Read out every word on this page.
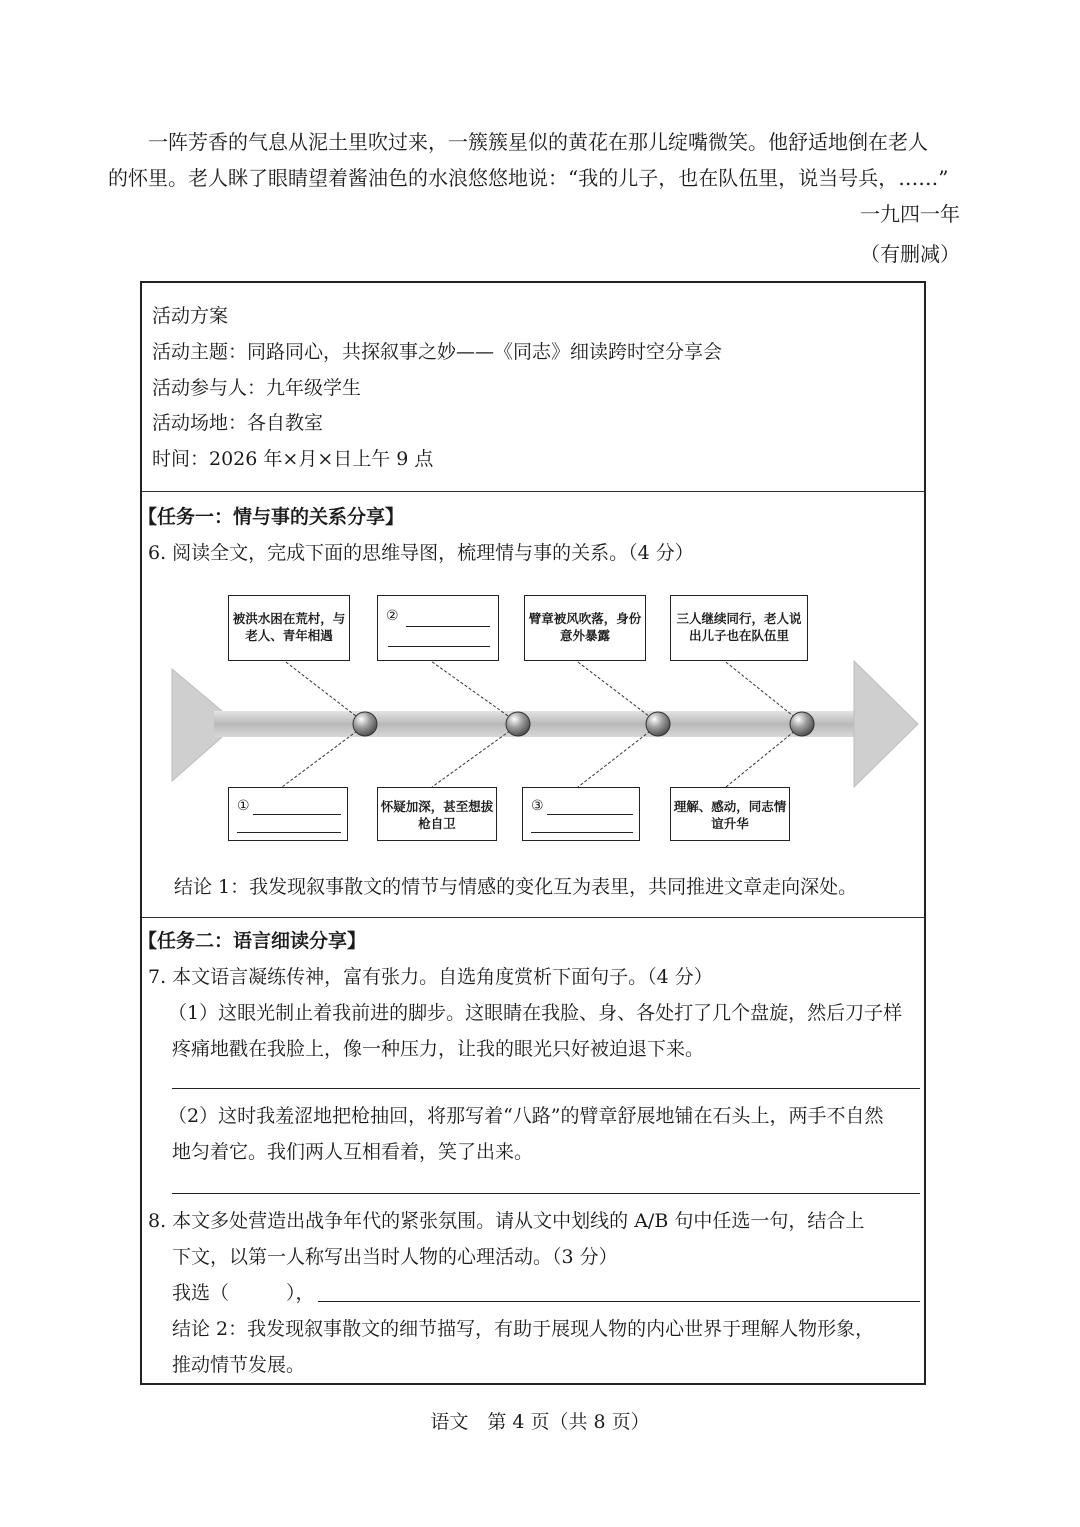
一阵芳香的气息从泥土里吹过来，一簇簇星似的黄花在那儿绽嘴微笑。他舒适地倒在老人
的怀里。老人眯了眼睛望着酱油色的水浪悠悠地说：“我的儿子，也在队伍里，说当号兵，……”
一九四一年
（有删减）
活动方案
活动主题：同路同心，共探叙事之妙——《同志》细读跨时空分享会
活动参与人：九年级学生
活动场地：各自教室
时间：2026 年×月×日上午 9 点
【任务一：情与事的关系分享】
6. 阅读全文，完成下面的思维导图，梳理情与事的关系。（4 分）
被洪水困在荒村，与老人、青年相遇
②	臂章被风吹落，身份意外暴露
三人继续同行，老人说出儿子也在队伍里
①	怀疑加深，甚至想拔枪自卫
③	理解、感动，同志情谊升华
结论 1：我发现叙事散文的情节与情感的变化互为表里，共同推进文章走向深处。
【任务二：语言细读分享】
7. 本文语言凝练传神，富有张力。自选角度赏析下面句子。（4 分）
（1）这眼光制止着我前进的脚步。这眼睛在我脸、身、各处打了几个盘旋，然后刀子样
疼痛地戳在我脸上，像一种压力，让我的眼光只好被迫退下来。
（2）这时我羞涩地把枪抽回，将那写着“八路”的臂章舒展地铺在石头上，两手不自然
地匀着它。我们两人互相看着，笑了出来。
8. 本文多处营造出战争年代的紧张氛围。请从文中划线的 A/B 句中任选一句，结合上
下文，以第一人称写出当时人物的心理活动。（3 分）
我选（　　　），
结论 2：我发现叙事散文的细节描写，有助于展现人物的内心世界于理解人物形象，
推动情节发展。
语文　第 4 页（共 8 页）
